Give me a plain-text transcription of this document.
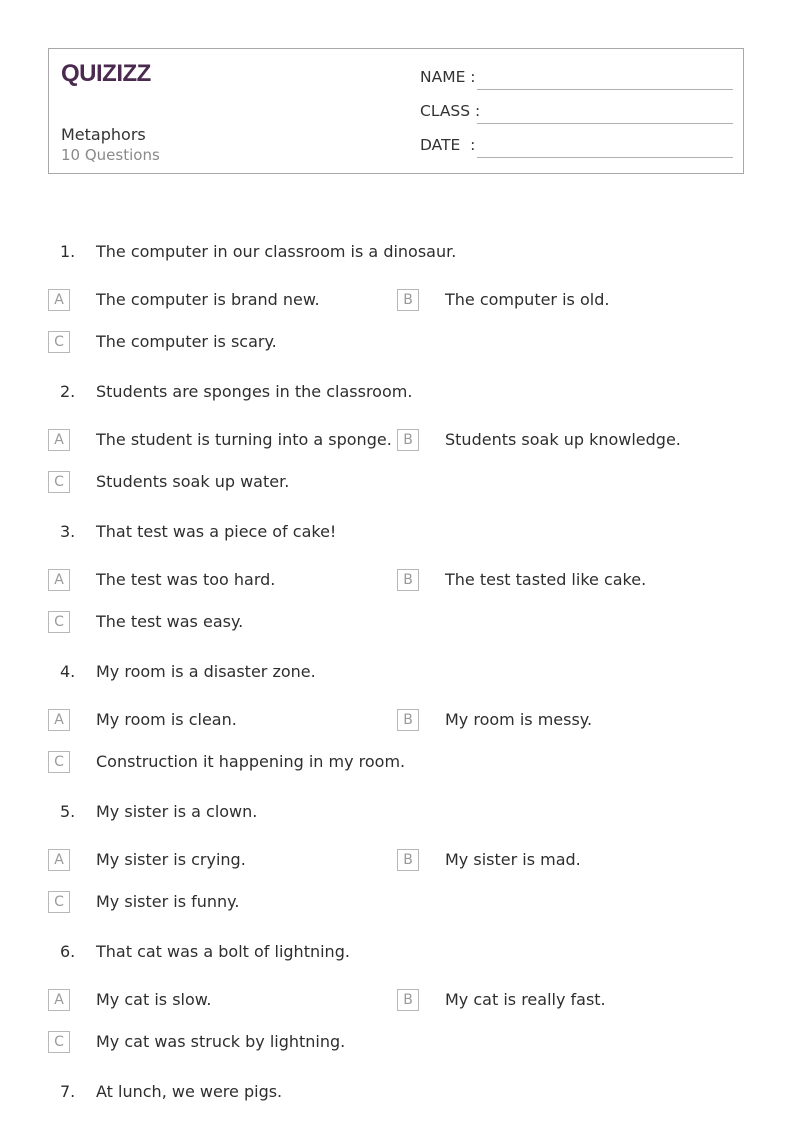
QUIZIZZ
Metaphors
10 Questions
NAME :
CLASS :
DATE  :
1. The computer in our classroom is a dinosaur.
A	The computer is brand new.	B	The computer is old.
C	The computer is scary.
2. Students are sponges in the classroom.
A	The student is turning into a sponge. B	Students soak up knowledge.
C	Students soak up water.
3. That test was a piece of cake!
A	The test was too hard.	B	The test tasted like cake.
C	The test was easy.
4. My room is a disaster zone.
A	My room is clean.	B	My room is messy.
C	Construction it happening in my room.
5. My sister is a clown.
A	My sister is crying.	B	My sister is mad.
C	My sister is funny.
6. That cat was a bolt of lightning.
A	My cat is slow.	B	My cat is really fast.
C	My cat was struck by lightning.
7. At lunch, we were pigs.
